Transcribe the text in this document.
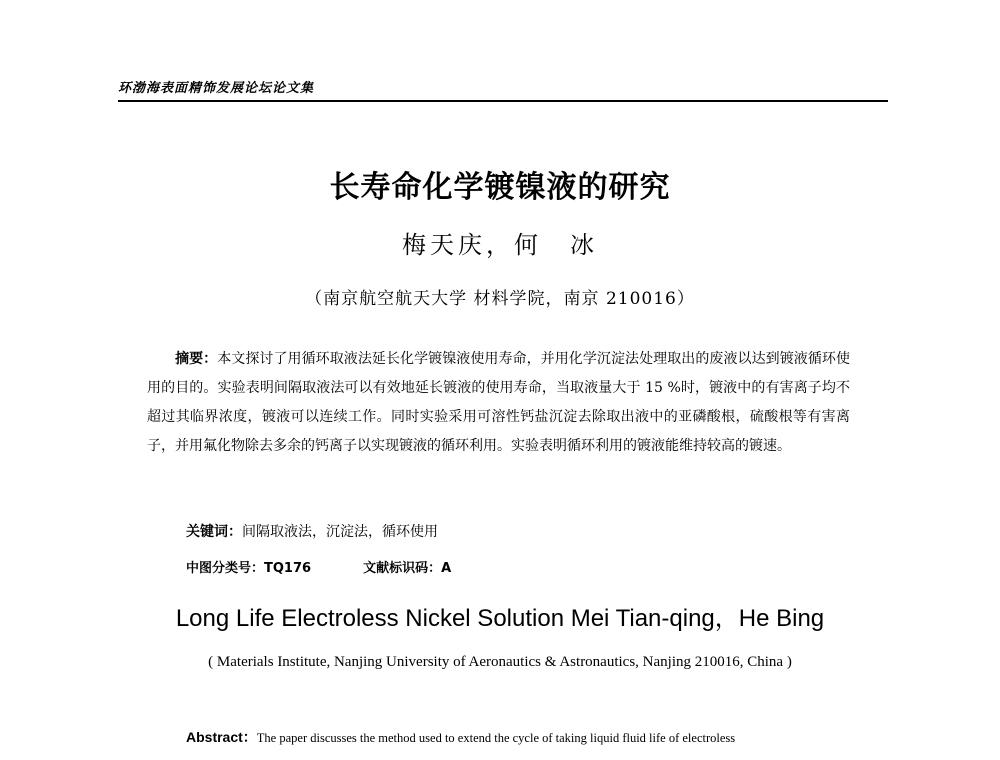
环渤海表面精饰发展论坛论文集
长寿命化学镀镍液的研究
梅天庆，何　冰
（南京航空航天大学 材料学院，南京 210016）
摘要：本文探讨了用循环取液法延长化学镀镍液使用寿命，并用化学沉淀法处理取出的废液以达到镀液循环使用的目的。实验表明间隔取液法可以有效地延长镀液的使用寿命，当取液量大于 15 %时，镀液中的有害离子均不超过其临界浓度，镀液可以连续工作。同时实验采用可溶性钙盐沉淀去除取出液中的亚磷酸根，硫酸根等有害离子，并用氟化物除去多余的钙离子以实现镀液的循环利用。实验表明循环利用的镀液能维持较高的镀速。
关键词：间隔取液法，沉淀法，循环使用
中图分类号：TQ176	文献标识码：A
Long Life Electroless Nickel Solution Mei Tian-qing，He Bing
( Materials Institute, Nanjing University of Aeronautics & Astronautics, Nanjing 210016, China )
Abstract：The paper discusses the method used to extend the cycle of taking liquid fluid life of electroless
